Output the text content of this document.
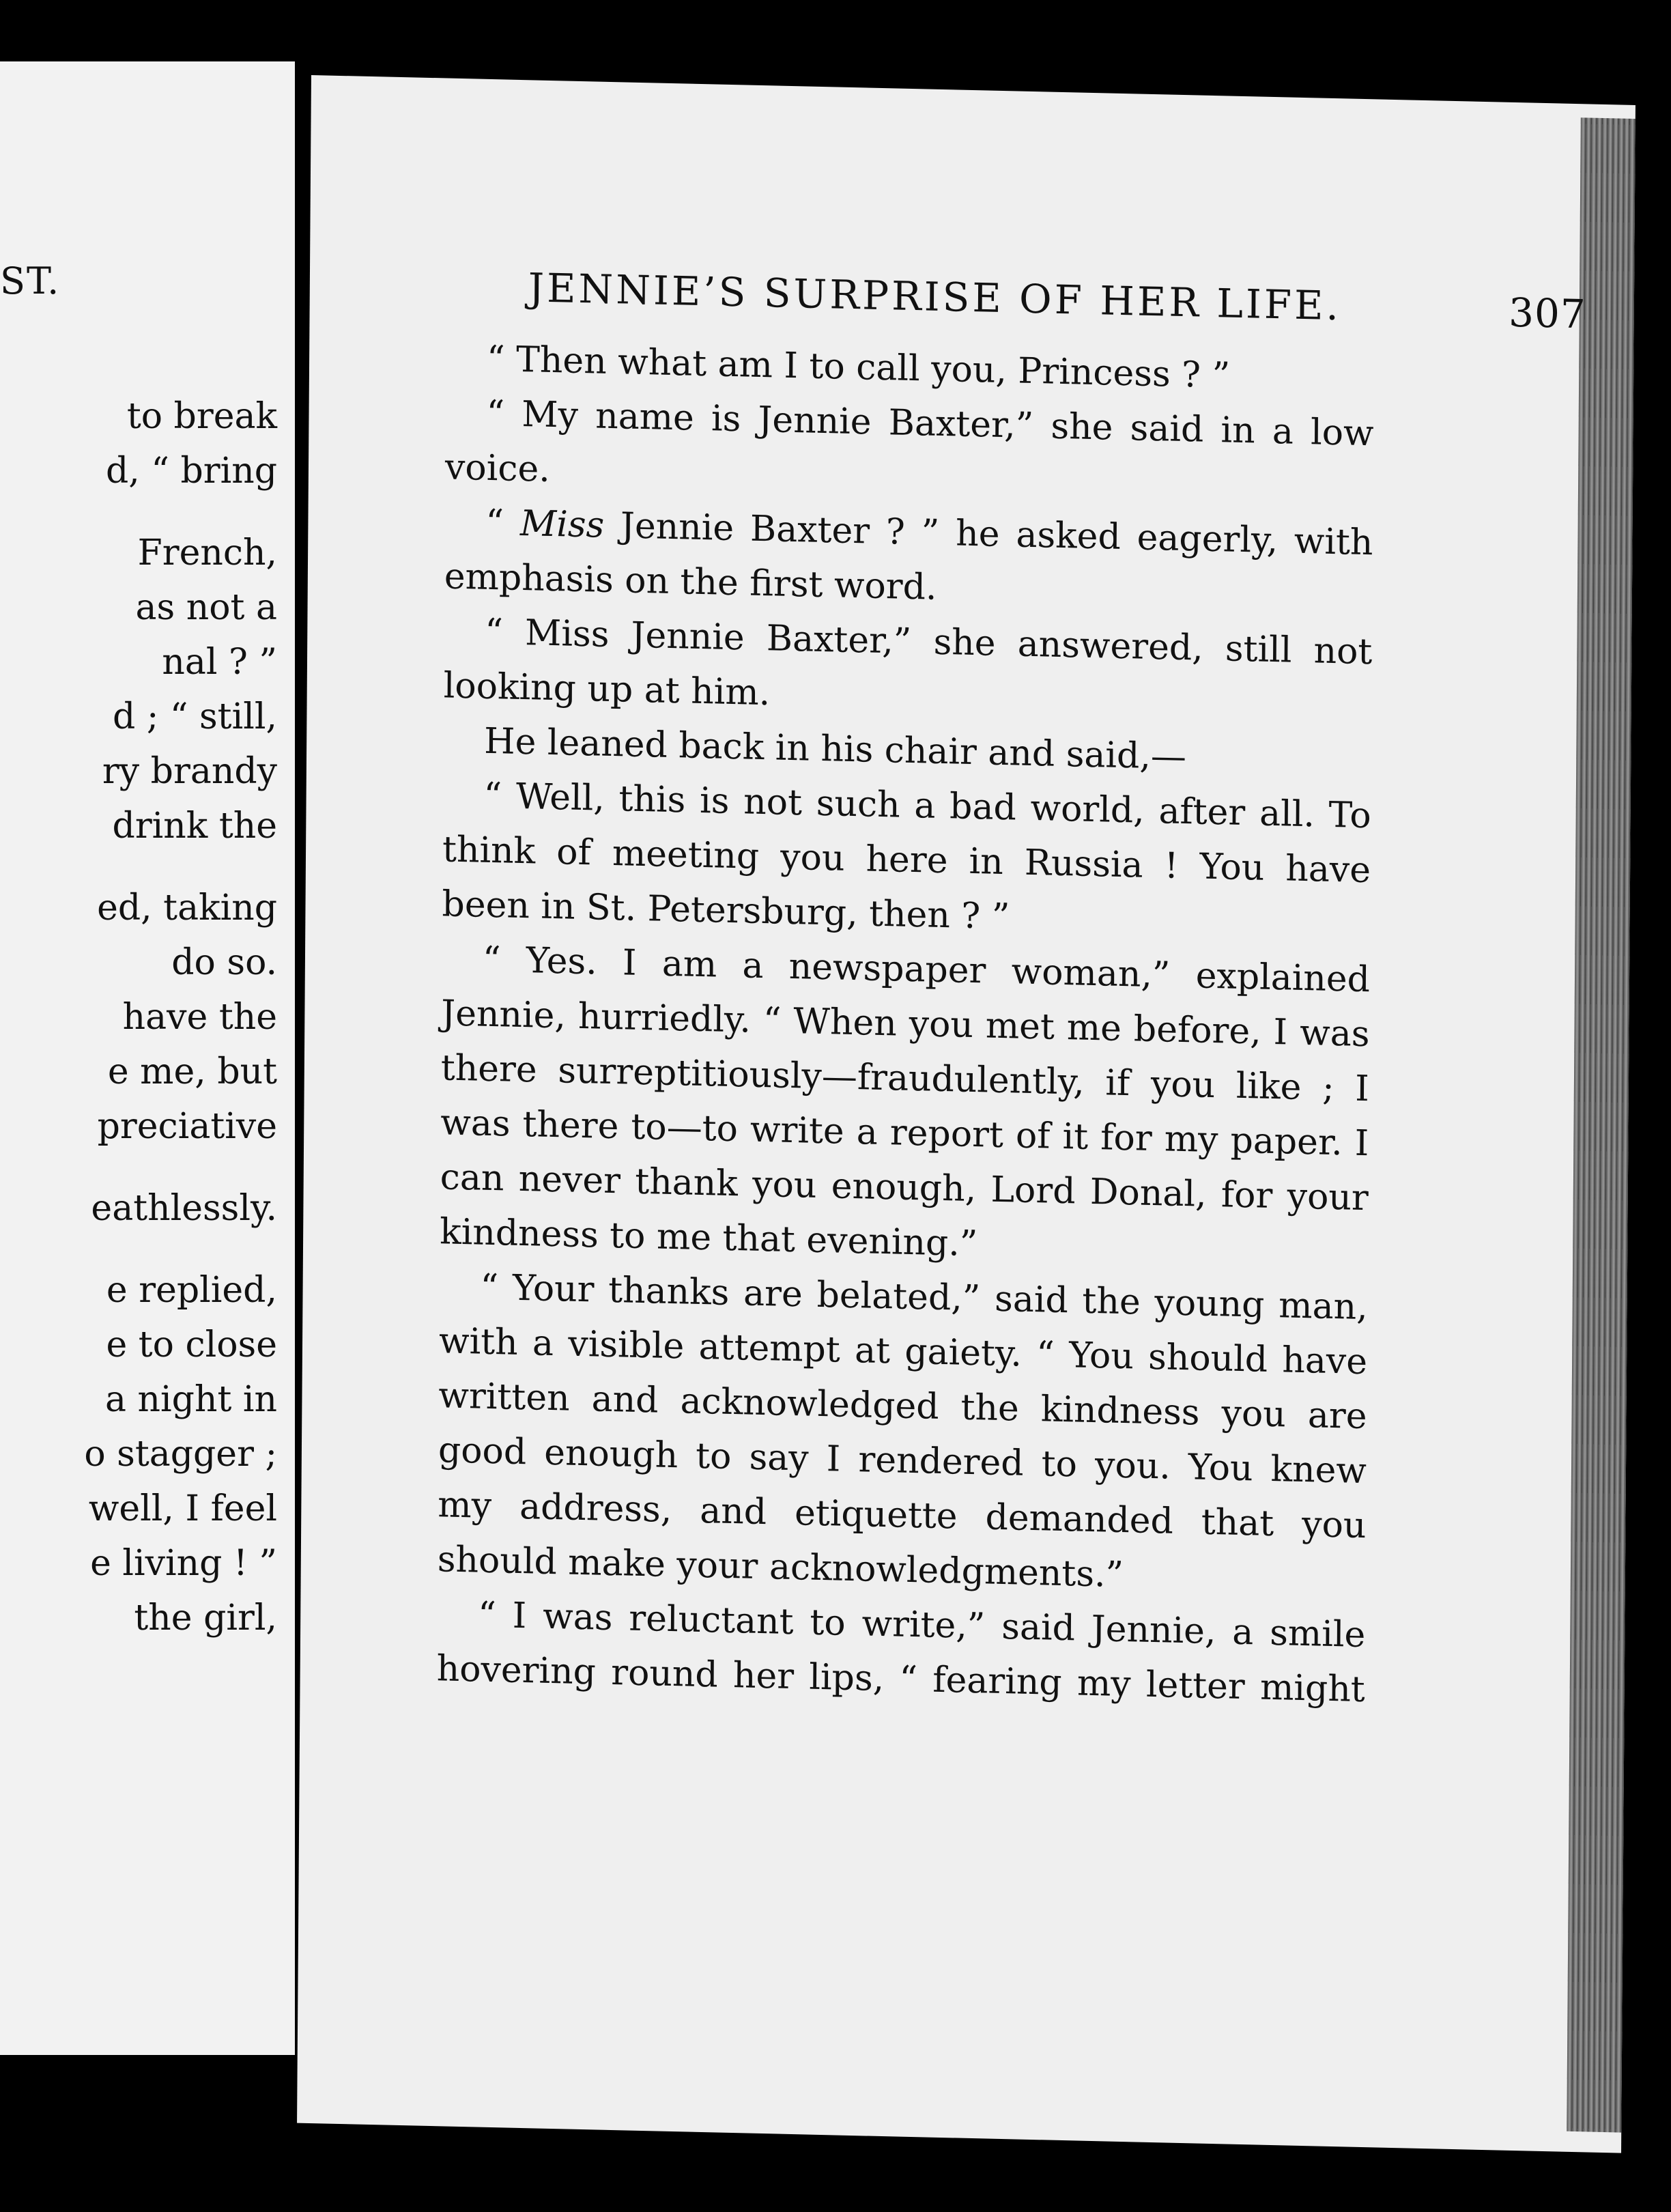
ST.
to break
d, “ bring
French,
as not a
nal ? ”
d ; “ still,
ry brandy
drink the
ed, taking
do so.
have the
e me, but
preciative
eathlessly.
e replied,
e to close
a night in
o stagger ;
well, I feel
e living ! ”
the girl,
JENNIE’S SURPRISE OF HER LIFE.	307

“ Then what am I to call you, Princess ? ”

“ My name is Jennie Baxter,” she said in a low voice.

“ Miss Jennie Baxter ? ” he asked eagerly, with emphasis on the first word.

“ Miss Jennie Baxter,” she answered, still not looking up at him.

He leaned back in his chair and said,—

“ Well, this is not such a bad world, after all. To think of meeting you here in Russia ! You have been in St. Petersburg, then ? ”

“ Yes. I am a newspaper woman,” explained Jennie, hurriedly. “ When you met me before, I was there surreptitiously—fraudulently, if you like ; I was there to—to write a report of it for my paper. I can never thank you enough, Lord Donal, for your kindness to me that evening.”

“ Your thanks are belated,” said the young man, with a visible attempt at gaiety. “ You should have written and acknowledged the kindness you are good enough to say I rendered to you. You knew my address, and etiquette demanded that you should make your acknowledgments.”

“ I was reluctant to write,” said Jennie, a smile hovering round her lips, “ fearing my letter might
